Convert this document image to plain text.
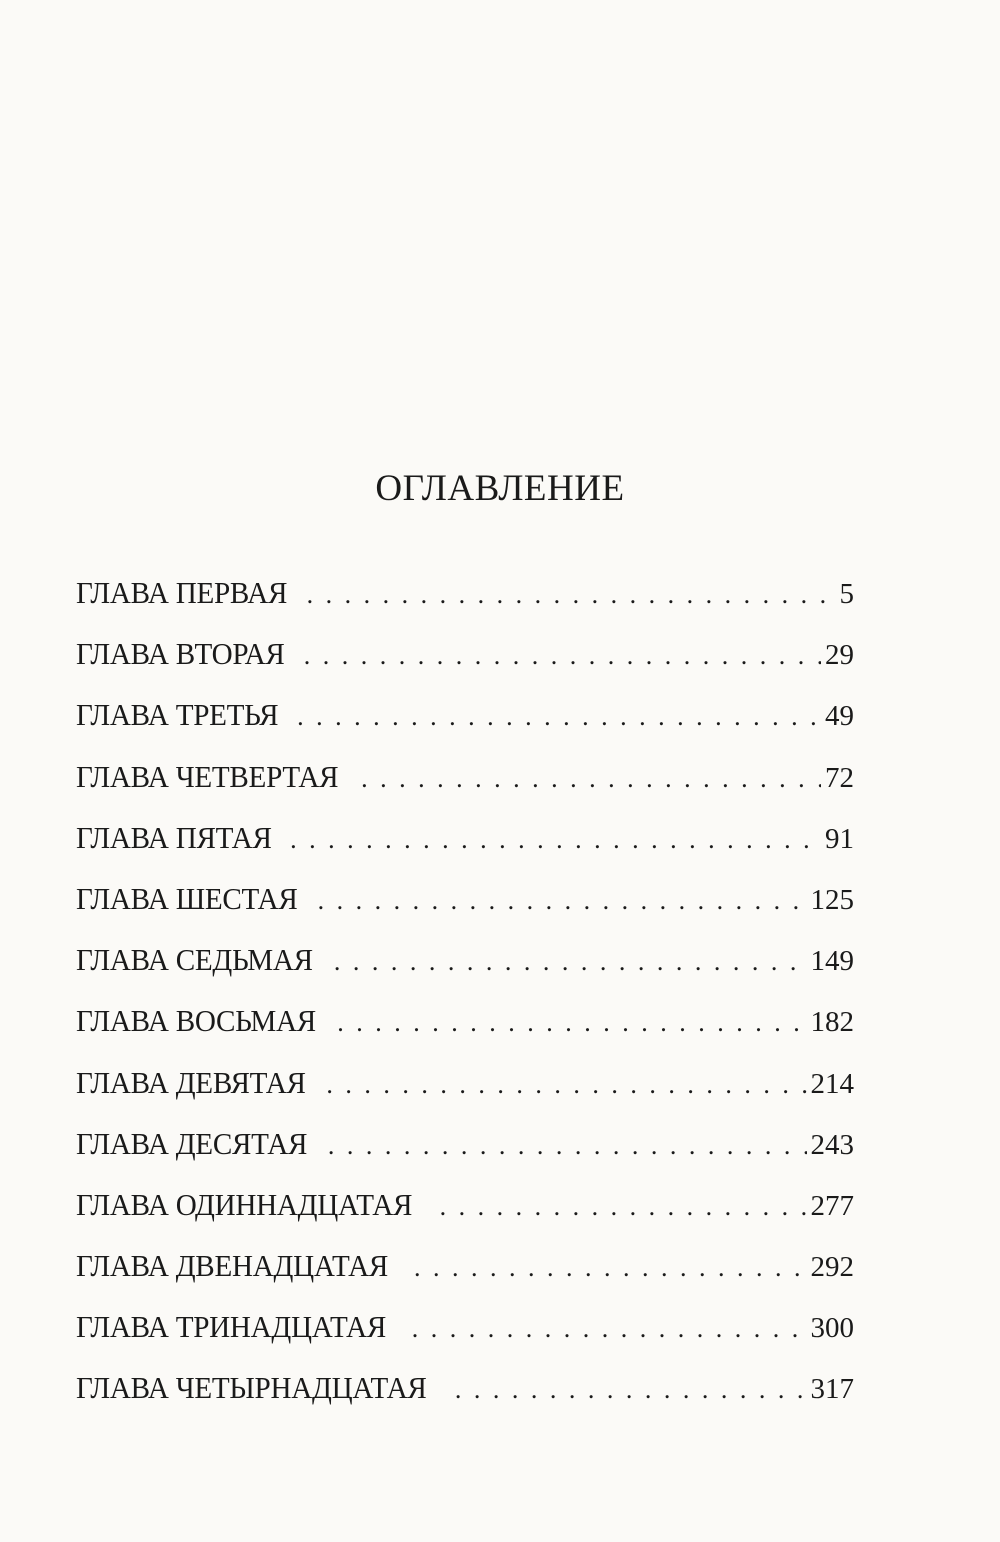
ОГЛАВЛЕНИЕ
ГЛАВА ПЕРВАЯ . . .	5
ГЛАВА ВТОРАЯ . . .	29
ГЛАВА ТРЕТЬЯ . . .	49
ГЛАВА ЧЕТВЕРТАЯ . . .	72
ГЛАВА ПЯТАЯ . . .	91
ГЛАВА ШЕСТАЯ . . .	125
ГЛАВА СЕДЬМАЯ . . .	149
ГЛАВА ВОСЬМАЯ . . .	182
ГЛАВА ДЕВЯТАЯ . . .	214
ГЛАВА ДЕСЯТАЯ . . .	243
ГЛАВА ОДИННАДЦАТАЯ . . .	277
ГЛАВА ДВЕНАДЦАТАЯ . . .	292
ГЛАВА ТРИНАДЦАТАЯ . . .	300
ГЛАВА ЧЕТЫРНАДЦАТАЯ . . .	317
